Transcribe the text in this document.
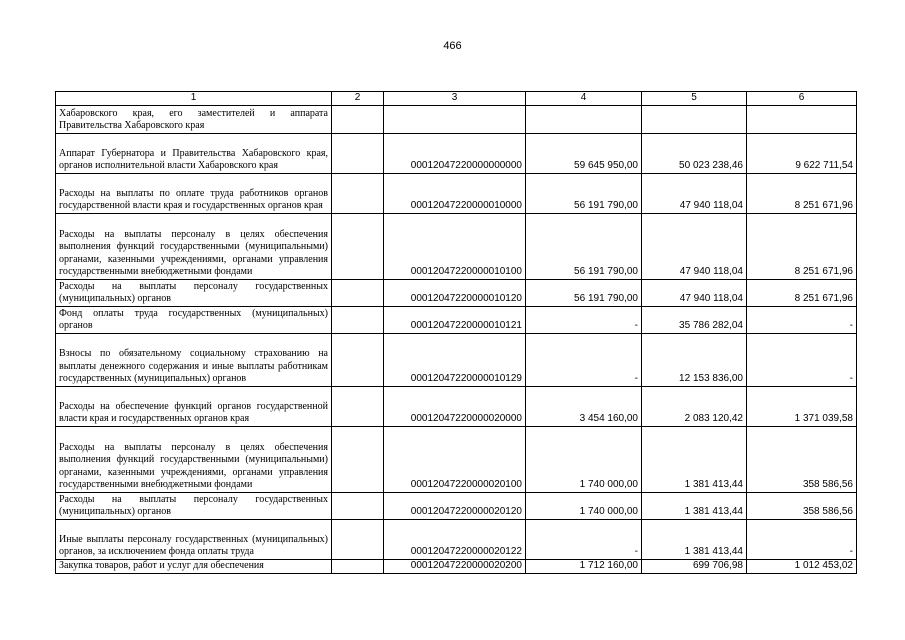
466
1	2	3	4	5	6
Хабаровского края, его заместителей и аппарата Правительства Хабаровского края					
Аппарат Губернатора и Правительства Хабаровского края, органов исполнительной власти Хабаровского края		00012047220000000000	59 645 950,00	50 023 238,46	9 622 711,54
Расходы на выплаты по оплате труда работников органов государственной власти края и государственных органов края		00012047220000010000	56 191 790,00	47 940 118,04	8 251 671,96
Расходы на выплаты персоналу в целях обеспечения выполнения функций государственными (муниципальными) органами, казенными учреждениями, органами управления государственными внебюджетными фондами		00012047220000010100	56 191 790,00	47 940 118,04	8 251 671,96
Расходы на выплаты персоналу государственных (муниципальных) органов		00012047220000010120	56 191 790,00	47 940 118,04	8 251 671,96
Фонд оплаты труда государственных (муниципальных) органов		00012047220000010121	-	35 786 282,04	-
Взносы по обязательному социальному страхованию на выплаты денежного содержания и иные выплаты работникам государственных (муниципальных) органов		00012047220000010129	-	12 153 836,00	-
Расходы на обеспечение функций органов государственной власти края и государственных органов края		00012047220000020000	3 454 160,00	2 083 120,42	1 371 039,58
Расходы на выплаты персоналу в целях обеспечения выполнения функций государственными (муниципальными) органами, казенными учреждениями, органами управления государственными внебюджетными фондами		00012047220000020100	1 740 000,00	1 381 413,44	358 586,56
Расходы на выплаты персоналу государственных (муниципальных) органов		00012047220000020120	1 740 000,00	1 381 413,44	358 586,56
Иные выплаты персоналу государственных (муниципальных) органов, за исключением фонда оплаты труда		00012047220000020122	-	1 381 413,44	-
Закупка товаров, работ и услуг для обеспечения		00012047220000020200	1 712 160,00	699 706,98	1 012 453,02
